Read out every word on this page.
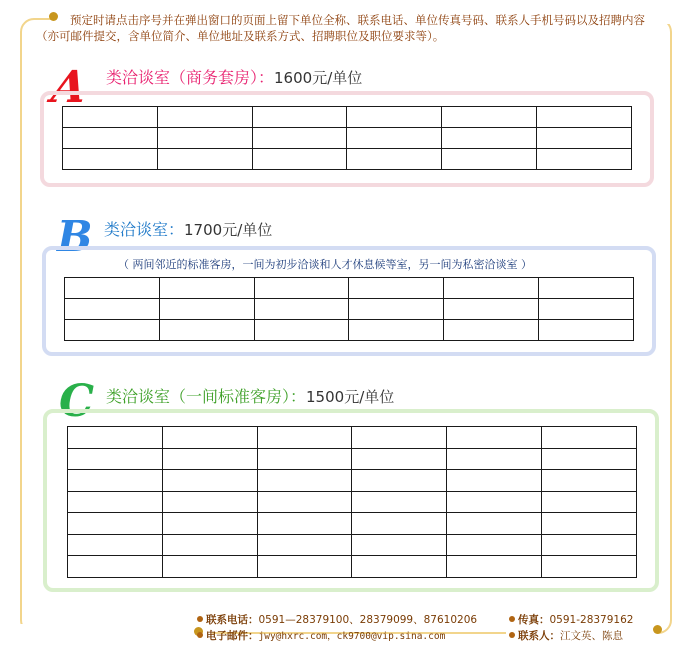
预定时请点击序号并在弹出窗口的页面上留下单位全称、联系电话、单位传真号码、联系人手机号码以及招聘内容（亦可邮件提交，含单位简介、单位地址及联系方式、招聘职位及职位要求等）。
A 类洽谈室（商务套房）：1600元/单位

B 类洽谈室：1700元/单位
（ 两间邻近的标准客房，一间为初步洽谈和人才休息候等室，另一间为私密洽谈室 ）

C 类洽谈室（一间标准客房）：1500元/单位

联系电话：0591—28379100、28379099、87610206	传真：0591-28379162
电子邮件：jwy@hxrc.com，ck9700@vip.sina.com	联系人：江文英、陈息
